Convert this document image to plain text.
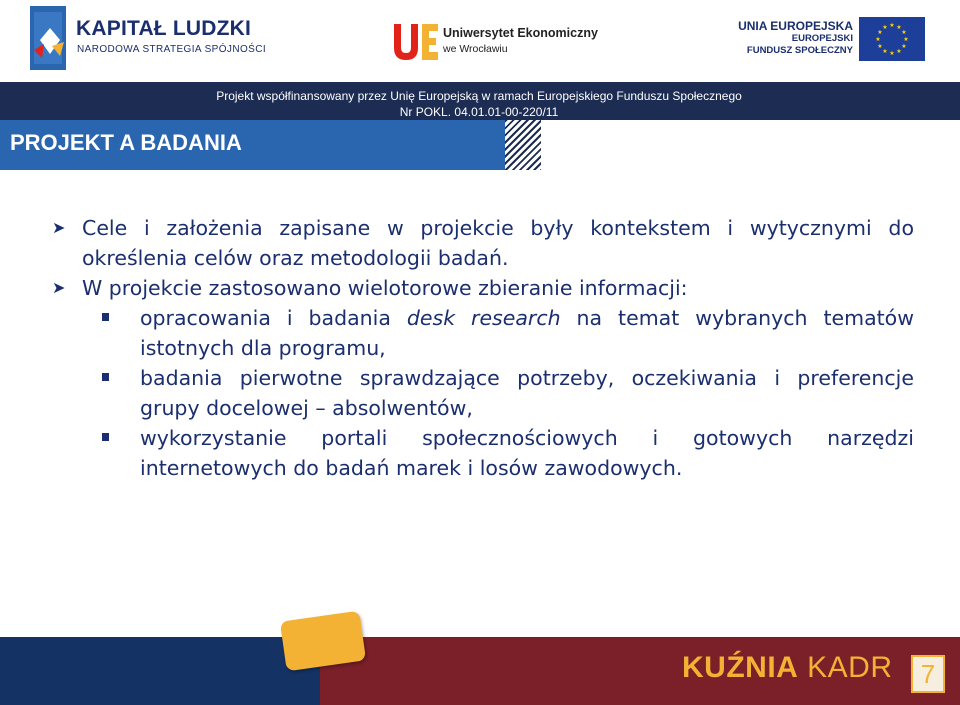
KAPITAŁ LUDZKI
NARODOWA STRATEGIA SPÓJNOŚCI
Uniwersytet Ekonomiczny
we Wrocławiu
UNIA EUROPEJSKA
EUROPEJSKI
FUNDUSZ SPOŁECZNY
★ ★
★
★
★
★
★
★
★
★
★
★
Projekt współfinansowany przez Unię Europejską w ramach Europejskiego Funduszu Społecznego
Nr POKL. 04.01.01-00-220/11
PROJEKT A BADANIA

➤ Cele i założenia zapisane w projekcie były kontekstem i wytycznymi do określenia celów oraz metodologii badań.

➤ W projekcie zastosowano wielotorowe zbieranie informacji:

opracowania i badania desk research na temat wybranych tematów istotnych dla programu,

badania pierwotne sprawdzające potrzeby, oczekiwania i preferencje grupy docelowej – absolwentów,

wykorzystanie portali społecznościowych i gotowych narzędzi internetowych do badań marek i losów zawodowych.

KUŹNIA KADR	7
